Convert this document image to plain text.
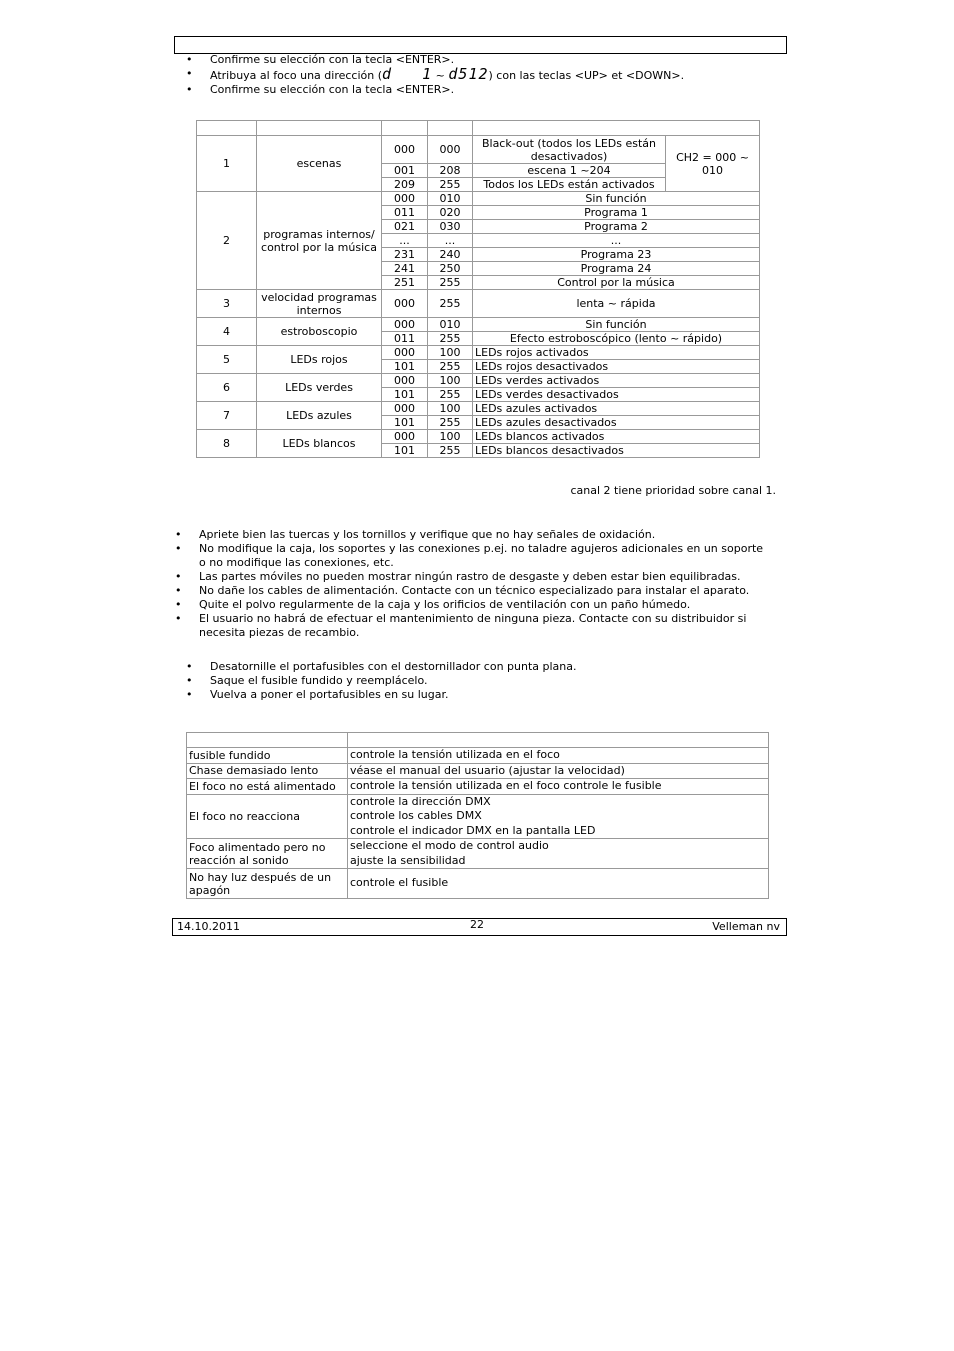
• Confirme su elección con la tecla <ENTER>.
• Atribuya al foco una dirección (d   1 ~ d512) con las teclas <UP> et <DOWN>.
• Confirme su elección con la tecla <ENTER>.

1	escenas	000	000	Black-out (todos los LEDs están desactivados)	CH2 = 000 ~ 010
		001	208	escena 1 ~204	
		209	255	Todos los LEDs están activados	
2	programas internos/ control por la música	000	010	Sin función	
		011	020	Programa 1	
		021	030	Programa 2	
		...	...	...	
		231	240	Programa 23	
		241	250	Programa 24	
		251	255	Control por la música	
3	velocidad programas internos	000	255	lenta ~ rápida	
4	estroboscopio	000	010	Sin función	
		011	255	Efecto estroboscópico (lento ~ rápido)	
5	LEDs rojos	000	100	LEDs rojos activados	
		101	255	LEDs rojos desactivados	
6	LEDs verdes	000	100	LEDs verdes activados	
		101	255	LEDs verdes desactivados	
7	LEDs azules	000	100	LEDs azules activados	
		101	255	LEDs azules desactivados	
8	LEDs blancos	000	100	LEDs blancos activados	
		101	255	LEDs blancos desactivados	
canal 2 tiene prioridad sobre canal 1.
• Apriete bien las tuercas y los tornillos y verifique que no hay señales de oxidación.
• No modifique la caja, los soportes y las conexiones p.ej. no taladre agujeros adicionales en un soporte o no modifique las conexiones, etc.
• Las partes móviles no pueden mostrar ningún rastro de desgaste y deben estar bien equilibradas.
• No dañe los cables de alimentación. Contacte con un técnico especializado para instalar el aparato.
• Quite el polvo regularmente de la caja y los orificios de ventilación con un paño húmedo.
• El usuario no habrá de efectuar el mantenimiento de ninguna pieza. Contacte con su distribuidor si necesita piezas de recambio.
• Desatornille el portafusibles con el destornillador con punta plana.
• Saque el fusible fundido y reemplácelo.
• Vuelva a poner el portafusibles en su lugar.

fusible fundido	controle la tensión utilizada en el foco

Chase demasiado lento	véase el manual del usuario (ajustar la velocidad)

El foco no está alimentado	controle la tensión utilizada en el foco controle le fusible

El foco no reacciona	controle la dirección DMX
controle los cables DMX
controle el indicador DMX en la pantalla LED

Foco alimentado pero no reacción al sonido	seleccione el modo de control audio
ajuste la sensibilidad

No hay luz después de un apagón	controle el fusible
14.10.2011	22	Velleman nv
